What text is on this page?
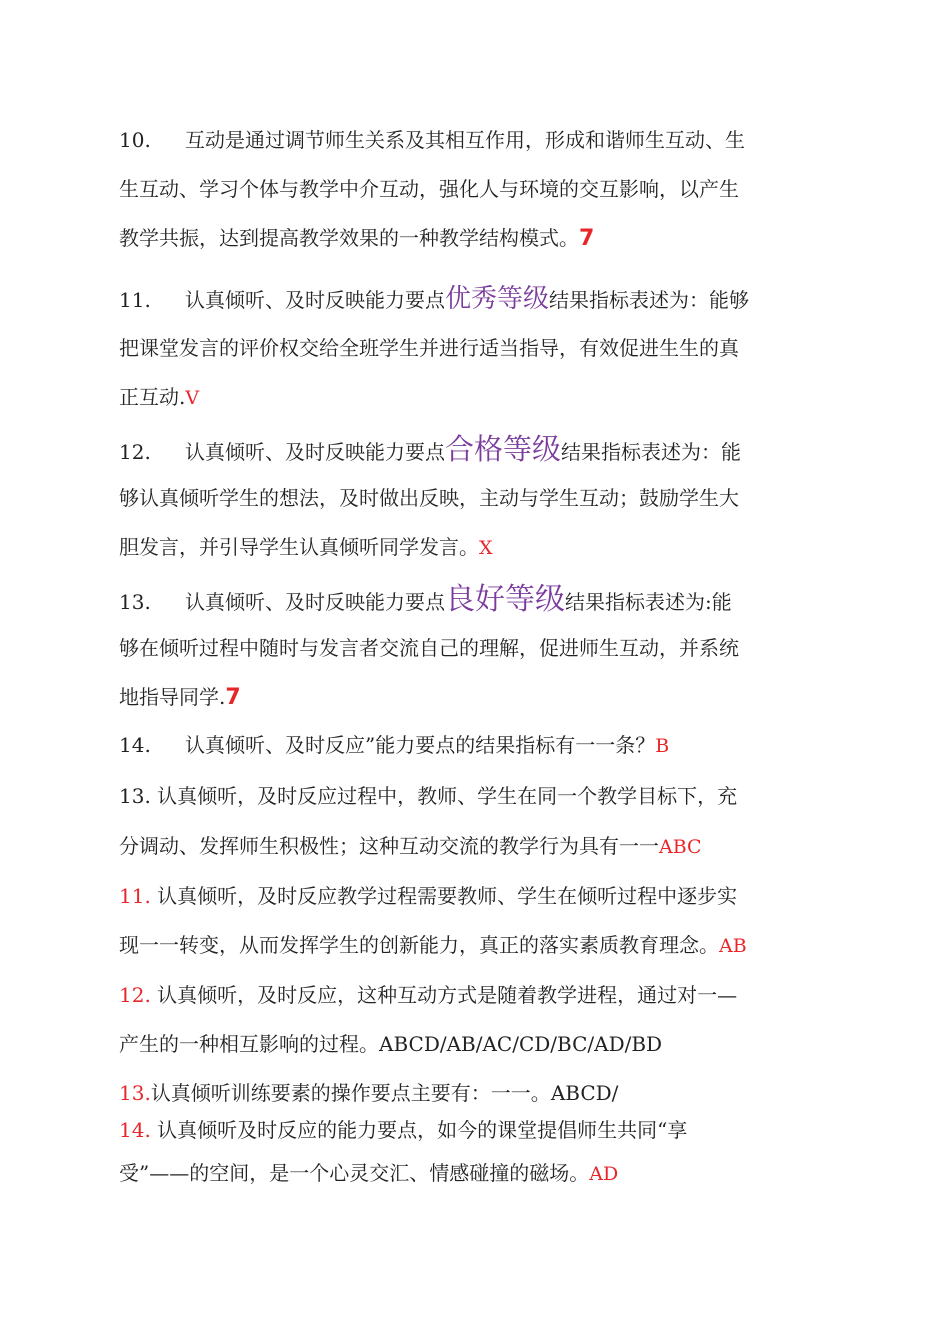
10. 互动是通过调节师生关系及其相互作用，形成和谐师生互动、生
生互动、学习个体与教学中介互动，强化人与环境的交互影响，以产生
教学共振，达到提高教学效果的一种教学结构模式。7
11. 认真倾听、及时反映能力要点优秀等级结果指标表述为：能够
把课堂发言的评价权交给全班学生并进行适当指导，有效促进生生的真
正互动.V
12. 认真倾听、及时反映能力要点合格等级结果指标表述为：能
够认真倾听学生的想法，及时做出反映，主动与学生互动；鼓励学生大
胆发言，并引导学生认真倾听同学发言。X
13. 认真倾听、及时反映能力要点良好等级结果指标表述为:能
够在倾听过程中随时与发言者交流自己的理解，促进师生互动，并系统
地指导同学.7
14. 认真倾听、及时反应”能力要点的结果指标有一一条？B
13. 认真倾听，及时反应过程中，教师、学生在同一个教学目标下，充
分调动、发挥师生积极性；这种互动交流的教学行为具有一一ABC
11. 认真倾听，及时反应教学过程需要教师、学生在倾听过程中逐步实
现一一转变，从而发挥学生的创新能力，真正的落实素质教育理念。AB
12. 认真倾听，及时反应，这种互动方式是随着教学进程，通过对一—
产生的一种相互影响的过程。ABCD/AB/AC/CD/BC/AD/BD
13.认真倾听训练要素的操作要点主要有：一一。ABCD/
14. 认真倾听及时反应的能力要点，如今的课堂提倡师生共同“享
受”——的空间，是一个心灵交汇、情感碰撞的磁场。AD
